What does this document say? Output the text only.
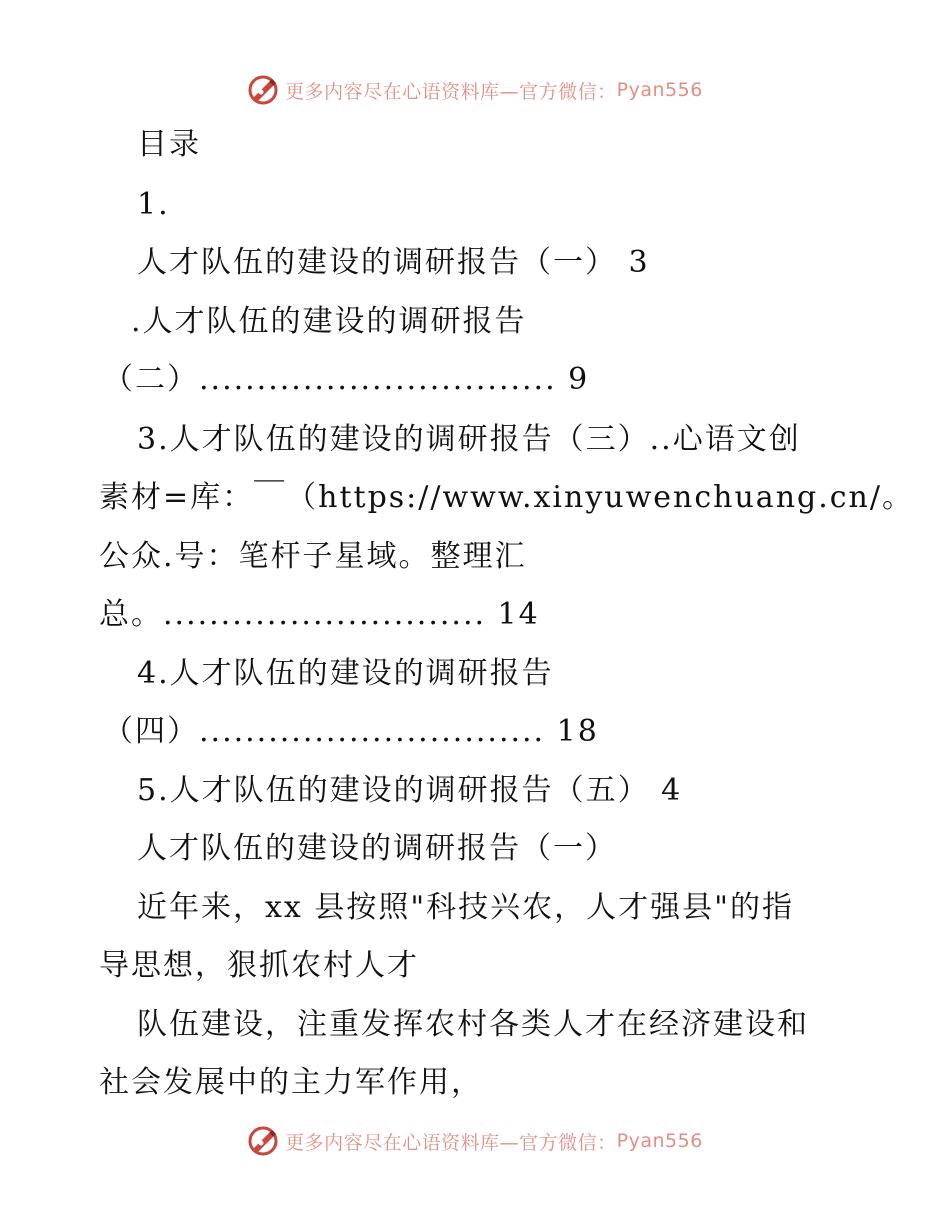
更多内容尽在心语资料库—官方微信： Pyan556
目录
1.
人才队伍的建设的调研报告（一） 3
.人才队伍的建设的调研报告
（二）............................... 9
3.人才队伍的建设的调研报告（三）..心语文创
素材=库：￣（https://www.xinyuwenchuang.cn/。
公众.号：笔杆子星域。整理汇
总。............................ 14
4.人才队伍的建设的调研报告
（四）.............................. 18
5.人才队伍的建设的调研报告（五） 4
人才队伍的建设的调研报告（一）
近年来，xx 县按照"科技兴农，人才强县"的指
导思想，狠抓农村人才
队伍建设，注重发挥农村各类人才在经济建设和
社会发展中的主力军作用，
更多内容尽在心语资料库—官方微信： Pyan556
